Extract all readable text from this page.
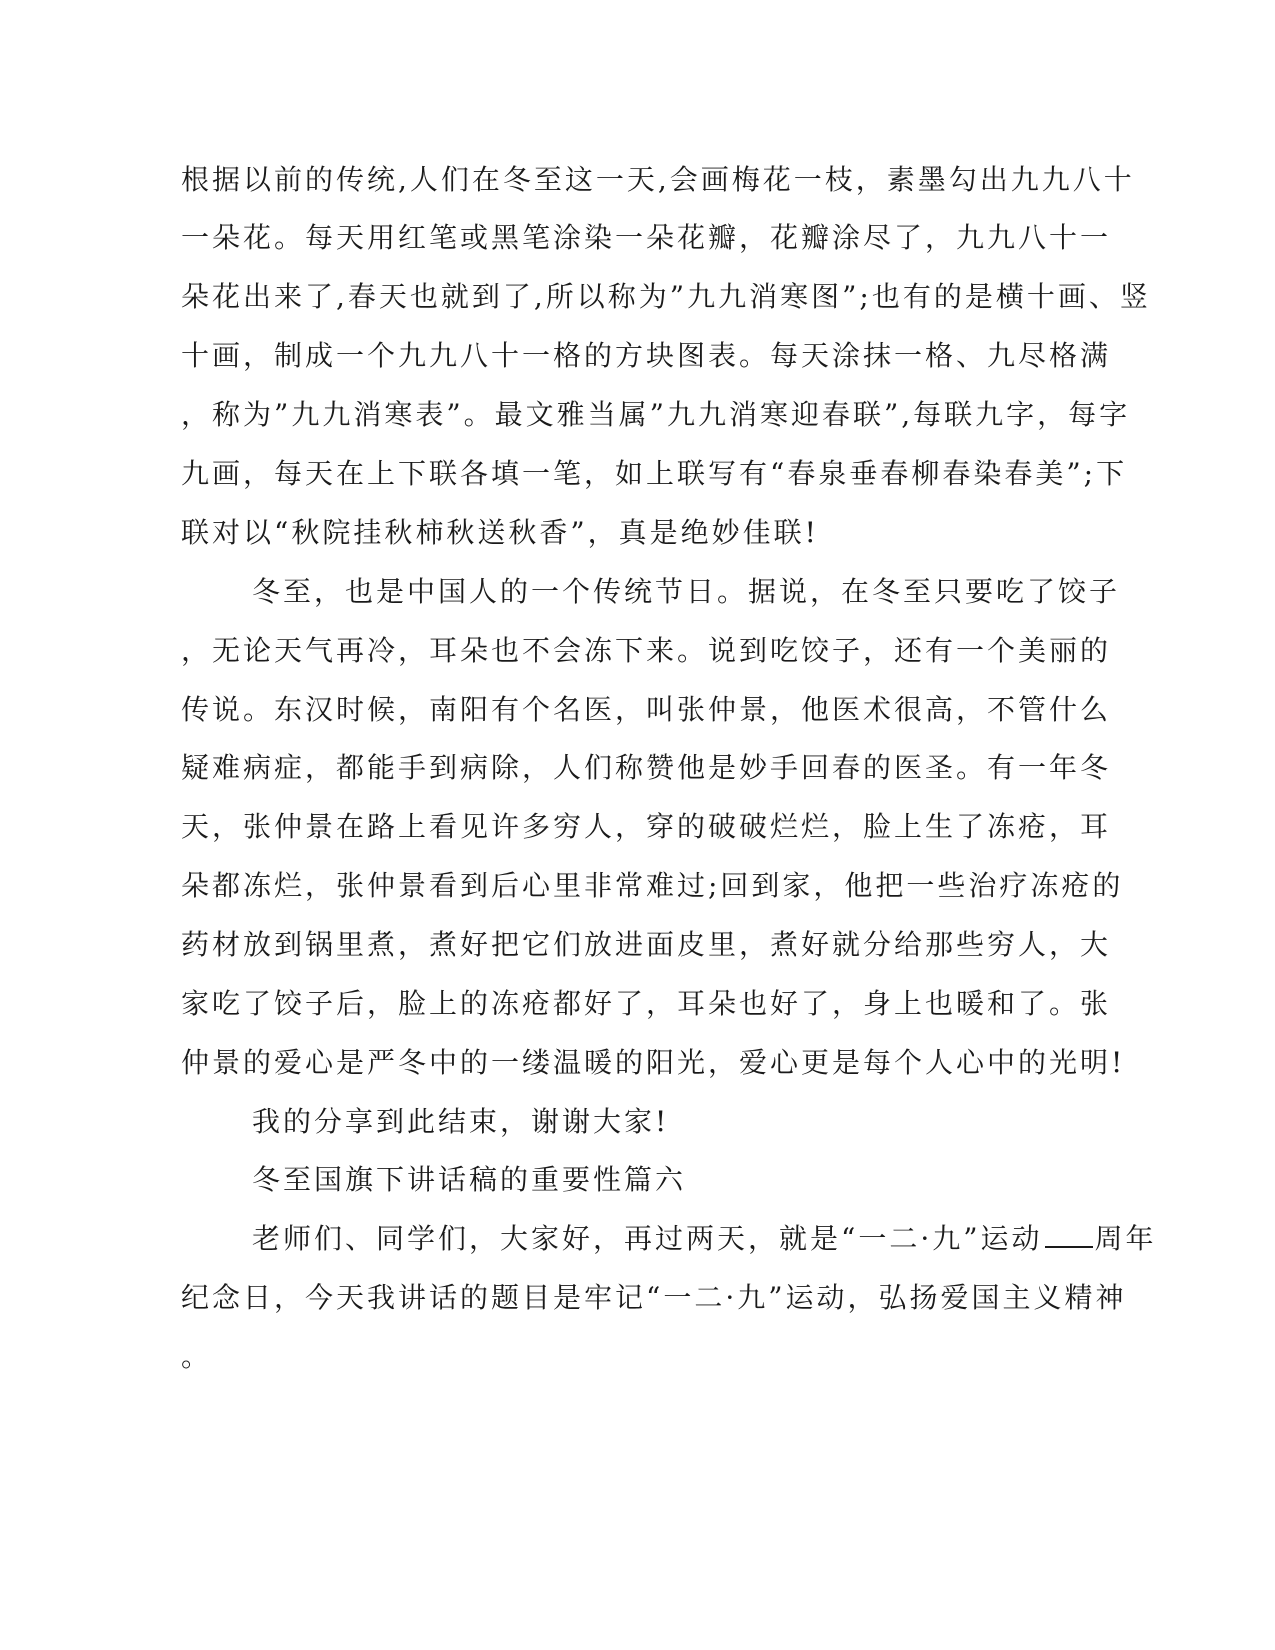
根据以前的传统,人们在冬至这一天,会画梅花一枝，素墨勾出九九八十
一朵花。每天用红笔或黑笔涂染一朵花瓣，花瓣涂尽了，九九八十一
朵花出来了,春天也就到了,所以称为”九九消寒图”;也有的是横十画、竖
十画，制成一个九九八十一格的方块图表。每天涂抹一格、九尽格满
，称为”九九消寒表”。最文雅当属”九九消寒迎春联”,每联九字，每字
九画，每天在上下联各填一笔，如上联写有“春泉垂春柳春染春美”;下
联对以“秋院挂秋柿秋送秋香”，真是绝妙佳联!
冬至，也是中国人的一个传统节日。据说，在冬至只要吃了饺子
，无论天气再冷，耳朵也不会冻下来。说到吃饺子，还有一个美丽的
传说。东汉时候，南阳有个名医，叫张仲景，他医术很高，不管什么
疑难病症，都能手到病除，人们称赞他是妙手回春的医圣。有一年冬
天，张仲景在路上看见许多穷人，穿的破破烂烂，脸上生了冻疮，耳
朵都冻烂，张仲景看到后心里非常难过;回到家，他把一些治疗冻疮的
药材放到锅里煮，煮好把它们放进面皮里，煮好就分给那些穷人，大
家吃了饺子后，脸上的冻疮都好了，耳朵也好了，身上也暖和了。张
仲景的爱心是严冬中的一缕温暖的阳光，爱心更是每个人心中的光明!
我的分享到此结束，谢谢大家!
冬至国旗下讲话稿的重要性篇六
老师们、同学们，大家好，再过两天，就是“一二·九”运动 周年
纪念日，今天我讲话的题目是牢记“一二·九”运动，弘扬爱国主义精神
。
